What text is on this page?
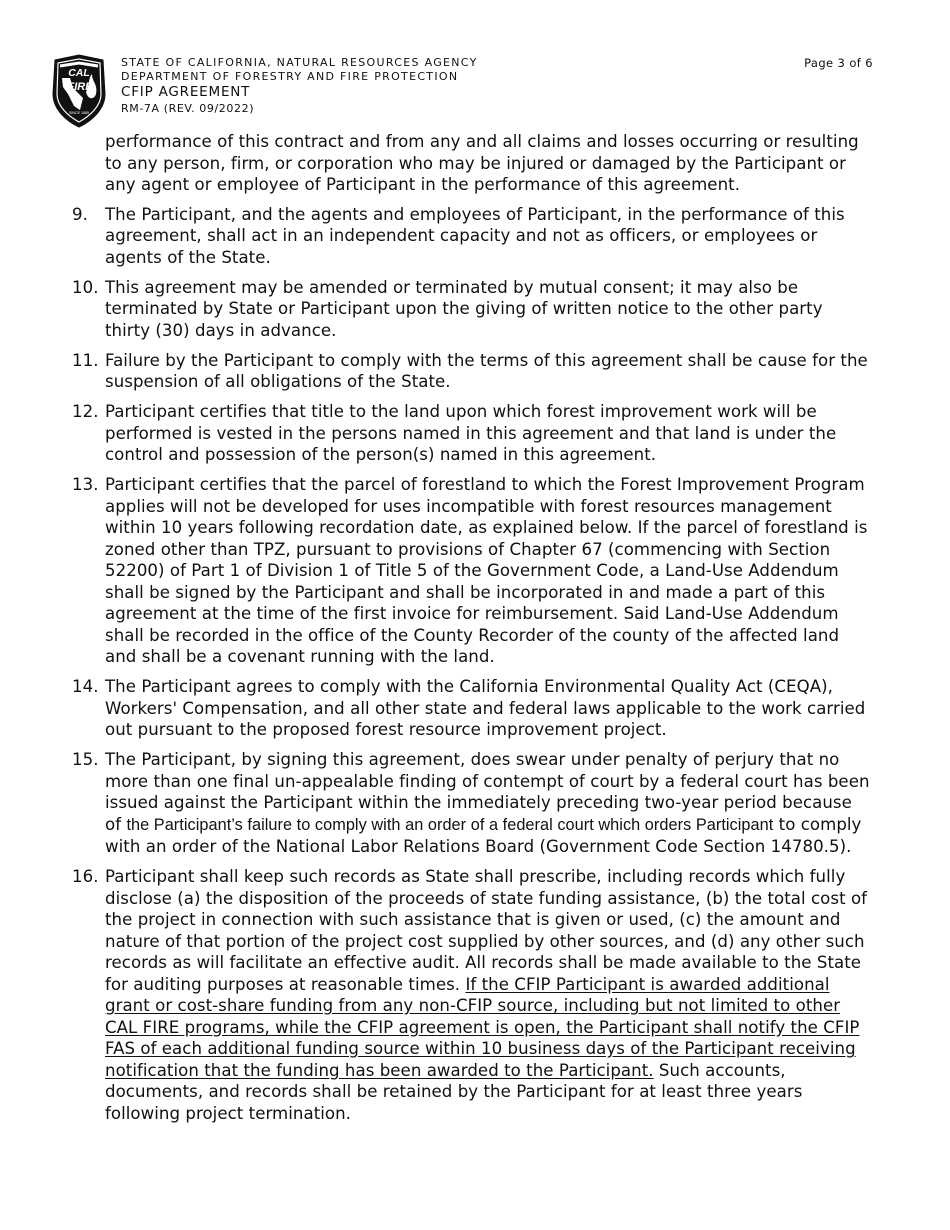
CAL
FIRE
SINCE 1885
STATE OF CALIFORNIA, NATURAL RESOURCES AGENCY
DEPARTMENT OF FORESTRY AND FIRE PROTECTION
CFIP AGREEMENT
RM-7A (REV. 09/2022)
Page 3 of 6
performance of this contract and from any and all claims and losses occurring or resulting to any person, firm, or corporation who may be injured or damaged by the Participant or any agent or employee of Participant in the performance of this agreement.
9.	The Participant, and the agents and employees of Participant, in the performance of this agreement, shall act in an independent capacity and not as officers, or employees or agents of the State.
10. This agreement may be amended or terminated by mutual consent; it may also be terminated by State or Participant upon the giving of written notice to the other party thirty (30) days in advance.
11. Failure by the Participant to comply with the terms of this agreement shall be cause for the suspension of all obligations of the State.
12. Participant certifies that title to the land upon which forest improvement work will be performed is vested in the persons named in this agreement and that land is under the control and possession of the person(s) named in this agreement.
13. Participant certifies that the parcel of forestland to which the Forest Improvement Program applies will not be developed for uses incompatible with forest resources management within 10 years following recordation date, as explained below. If the parcel of forestland is zoned other than TPZ, pursuant to provisions of Chapter 67 (commencing with Section 52200) of Part 1 of Division 1 of Title 5 of the Government Code, a Land-Use Addendum shall be signed by the Participant and shall be incorporated in and made a part of this agreement at the time of the first invoice for reimbursement. Said Land-Use Addendum shall be recorded in the office of the County Recorder of the county of the affected land and shall be a covenant running with the land.
14. The Participant agrees to comply with the California Environmental Quality Act (CEQA), Workers' Compensation, and all other state and federal laws applicable to the work carried out pursuant to the proposed forest resource improvement project.
15. The Participant, by signing this agreement, does swear under penalty of perjury that no more than one final un-appealable finding of contempt of court by a federal court has been issued against the Participant within the immediately preceding two-year period because of the Participant’s failure to comply with an order of a federal court which orders Participant to comply with an order of the National Labor Relations Board (Government Code Section 14780.5).
16. Participant shall keep such records as State shall prescribe, including records which fully disclose (a) the disposition of the proceeds of state funding assistance, (b) the total cost of the project in connection with such assistance that is given or used, (c) the amount and nature of that portion of the project cost supplied by other sources, and (d) any other such records as will facilitate an effective audit. All records shall be made available to the State for auditing purposes at reasonable times. If the CFIP Participant is awarded additional grant or cost-share funding from any non-CFIP source, including but not limited to other CAL FIRE programs, while the CFIP agreement is open, the Participant shall notify the CFIP FAS of each additional funding source within 10 business days of the Participant receiving notification that the funding has been awarded to the Participant. Such accounts, documents, and records shall be retained by the Participant for at least three years following project termination.
